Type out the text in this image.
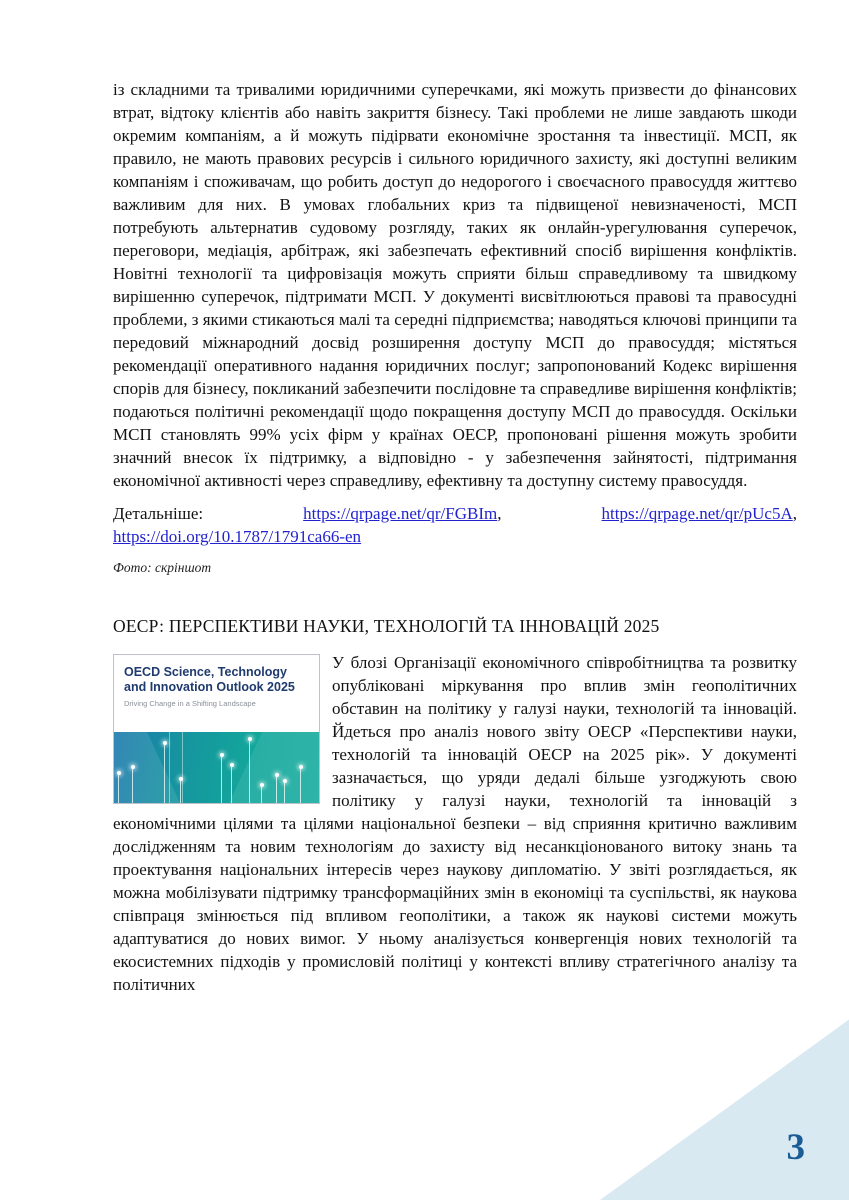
із складними та тривалими юридичними суперечками, які можуть призвести до фінансових втрат, відтоку клієнтів або навіть закриття бізнесу. Такі проблеми не лише завдають шкоди окремим компаніям, а й можуть підірвати економічне зростання та інвестиції. МСП, як правило, не мають правових ресурсів і сильного юридичного захисту, які доступні великим компаніям і споживачам, що робить доступ до недорогого і своєчасного правосуддя життєво важливим для них. В умовах глобальних криз та підвищеної невизначеності, МСП потребують альтернатив судовому розгляду, таких як онлайн-урегулювання суперечок, переговори, медіація, арбітраж, які забезпечать ефективний спосіб вирішення конфліктів. Новітні технології та цифровізація можуть сприяти більш справедливому та швидкому вирішенню суперечок, підтримати МСП. У документі висвітлюються правові та правосудні проблеми, з якими стикаються малі та середні підприємства; наводяться ключові принципи та передовий міжнародний досвід розширення доступу МСП до правосуддя; містяться рекомендації оперативного надання юридичних послуг; запропонований Кодекс вирішення спорів для бізнесу, покликаний забезпечити послідовне та справедливе вирішення конфліктів; подаються політичні рекомендації щодо покращення доступу МСП до правосуддя. Оскільки МСП становлять 99% усіх фірм у країнах ОЕСР, пропоновані рішення можуть зробити значний внесок їх підтримку, а відповідно - у забезпечення зайнятості, підтримання економічної активності через справедливу, ефективну та доступну систему правосуддя.

Детальніше:	https://qrpage.net/qr/FGBIm,	https://qrpage.net/qr/pUc5A,
https://doi.org/10.1787/1791ca66-en
Фото: скріншот
ОЕСР: ПЕРСПЕКТИВИ НАУКИ, ТЕХНОЛОГІЙ ТА ІННОВАЦІЙ 2025
OECD Science, Technology
and Innovation Outlook 2025
Driving Change in a Shifting Landscape

У блозі Організації економічного співробітництва та розвитку опубліковані міркування про вплив змін геополітичних обставин на політику у галузі науки, технологій та інновацій. Йдеться про аналіз нового звіту ОЕСР «Перспективи науки, технологій та інновацій ОЕСР на 2025 рік». У документі зазначається, що уряди дедалі більше узгоджують свою політику у галузі науки, технологій та інновацій з економічними цілями та цілями національної безпеки – від сприяння критично важливим дослідженням та новим технологіям до захисту від несанкціонованого витоку знань та проектування національних інтересів через наукову дипломатію. У звіті розглядається, як можна мобілізувати підтримку трансформаційних змін в економіці та суспільстві, як наукова співпраця змінюється під впливом геополітики, а також як наукові системи можуть адаптуватися до нових вимог. У ньому аналізується конвергенція нових технологій та екосистемних підходів у промисловій політиці у контексті впливу стратегічного аналізу та політичних

3
